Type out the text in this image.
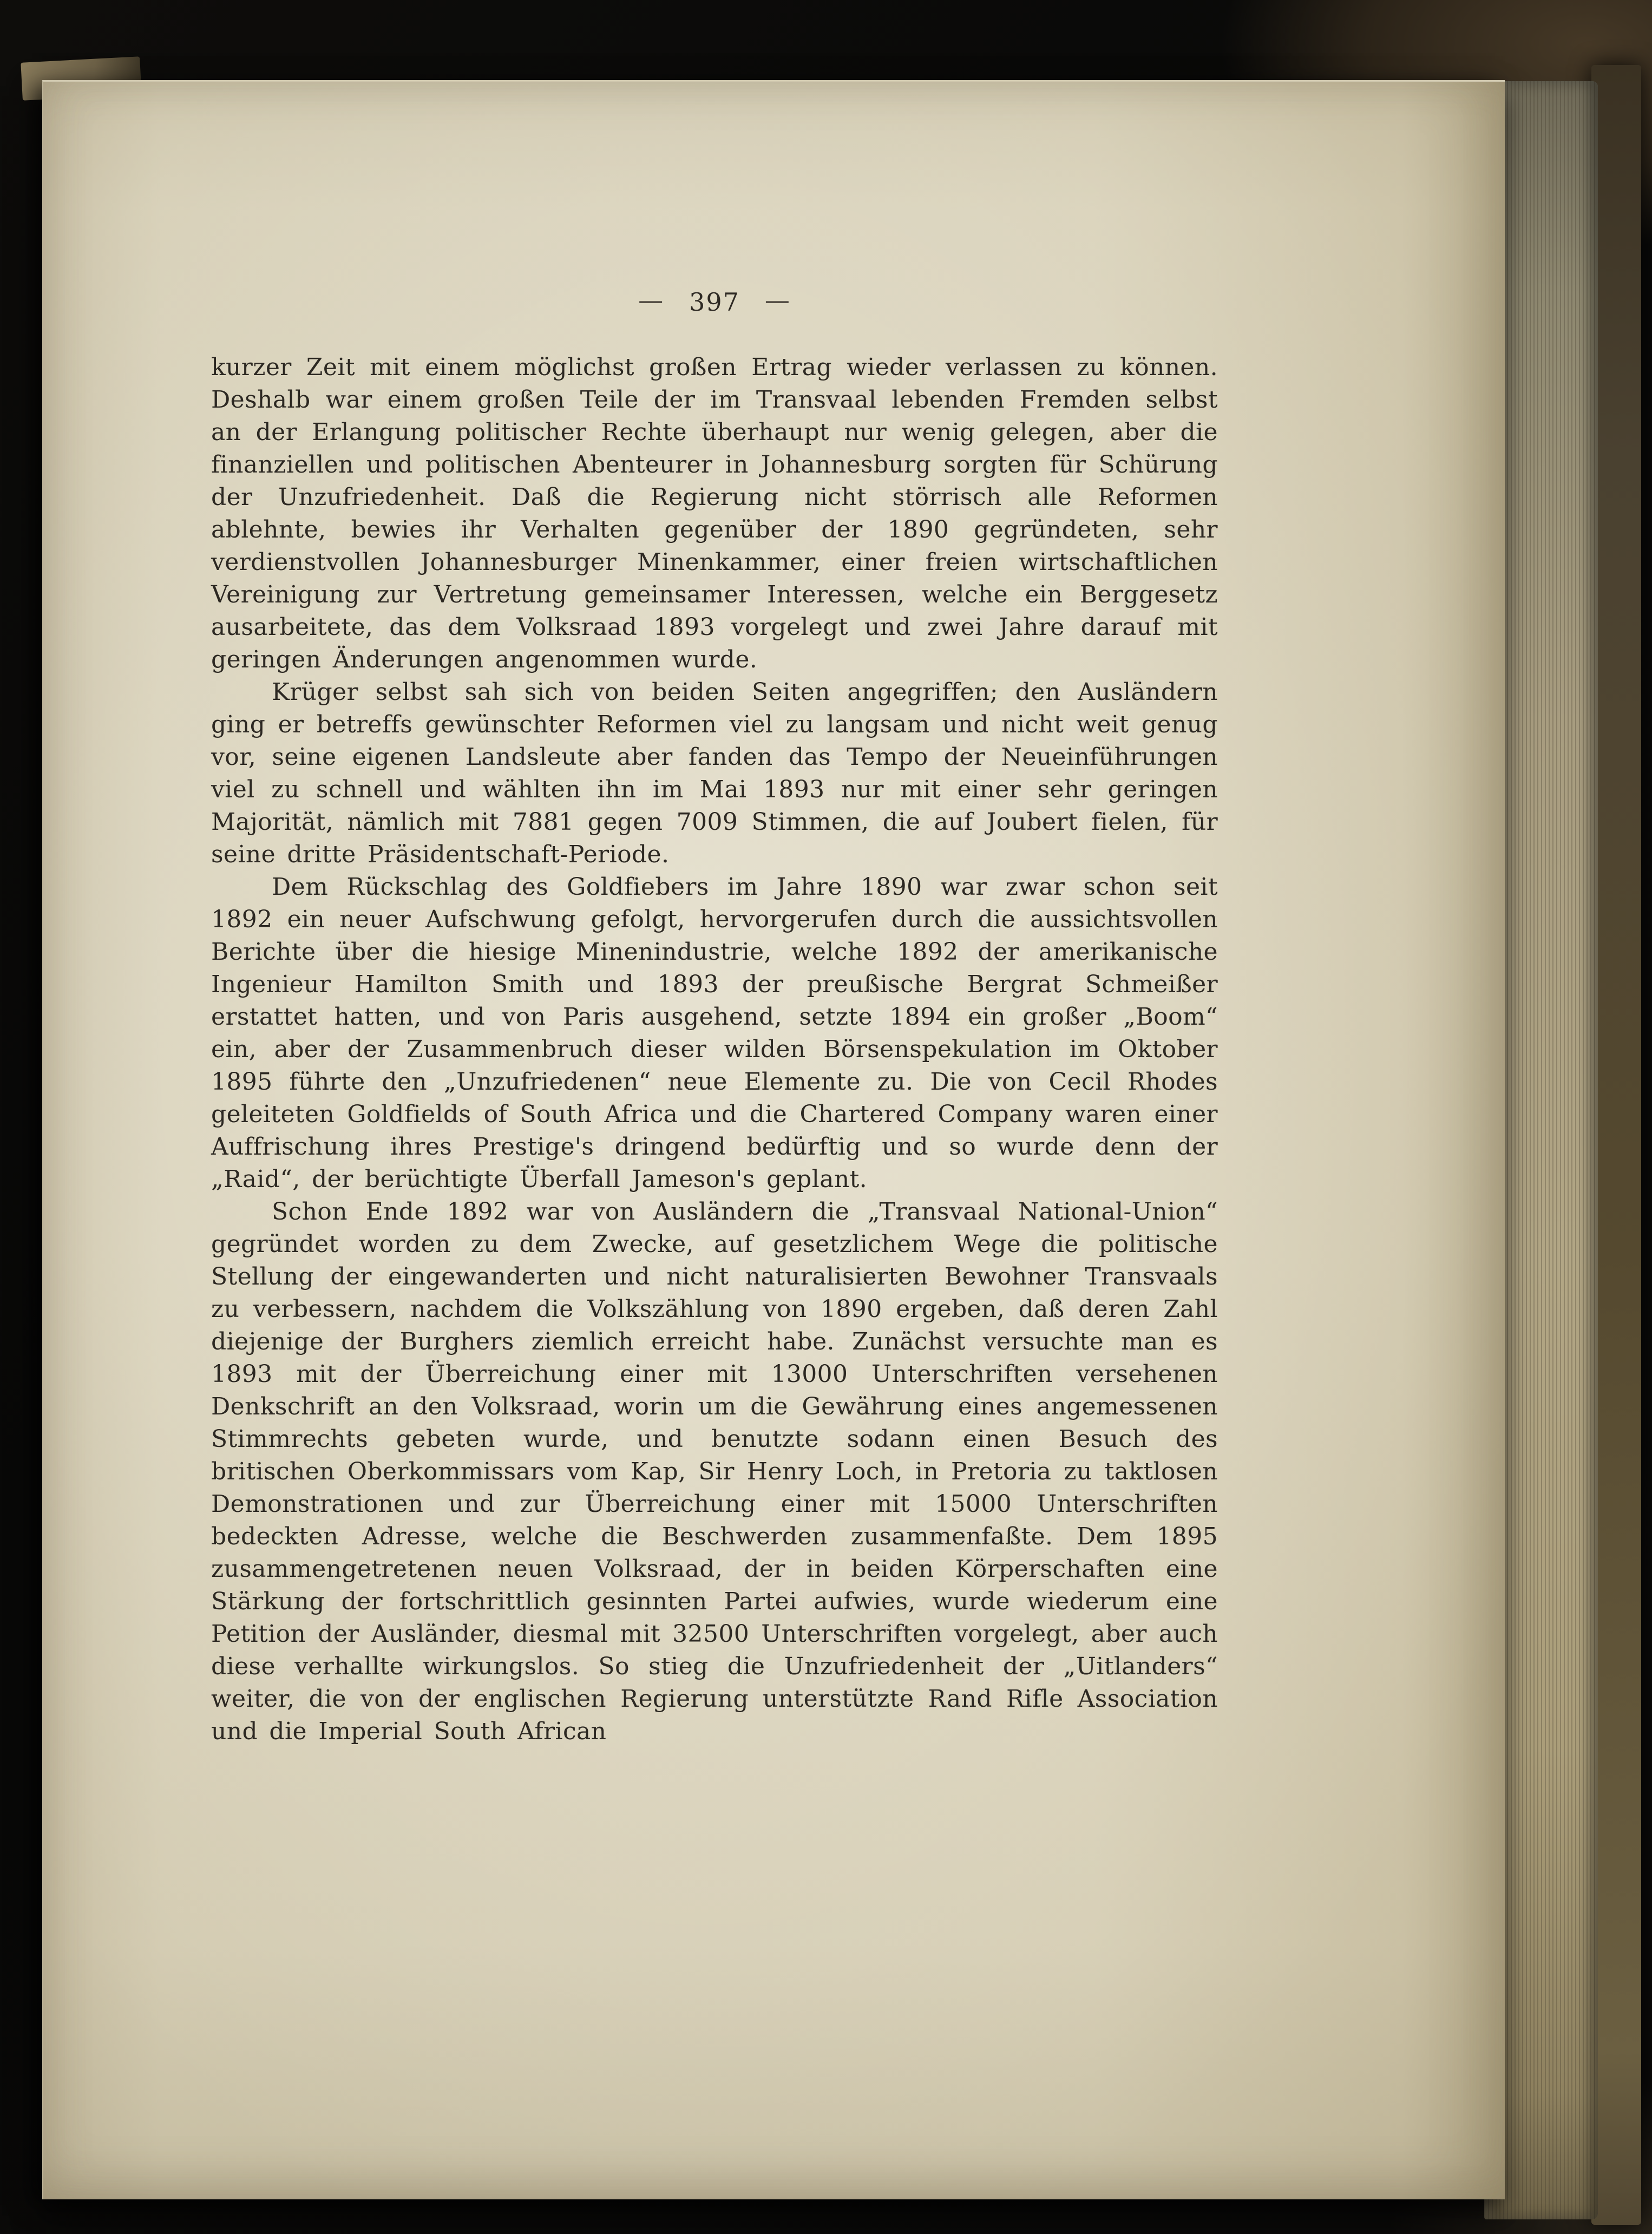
— 397 —

kurzer Zeit mit einem möglichst großen Ertrag wieder verlassen zu können. Deshalb war einem großen Teile der im Transvaal lebenden Fremden selbst an der Erlangung politischer Rechte überhaupt nur wenig gelegen, aber die finanziellen und politischen Abenteurer in Johannesburg sorgten für Schürung der Unzufriedenheit. Daß die Regierung nicht störrisch alle Reformen ablehnte, bewies ihr Verhalten gegenüber der 1890 gegründeten, sehr verdienstvollen Johannesburger Minenkammer, einer freien wirtschaftlichen Vereinigung zur Vertretung gemeinsamer Interessen, welche ein Berggesetz ausarbeitete, das dem Volksraad 1893 vorgelegt und zwei Jahre darauf mit geringen Änderungen angenommen wurde.

Krüger selbst sah sich von beiden Seiten angegriffen; den Ausländern ging er betreffs gewünschter Reformen viel zu langsam und nicht weit genug vor, seine eigenen Landsleute aber fanden das Tempo der Neueinführungen viel zu schnell und wählten ihn im Mai 1893 nur mit einer sehr geringen Majorität, nämlich mit 7881 gegen 7009 Stimmen, die auf Joubert fielen, für seine dritte Präsidentschaft-Periode.

Dem Rückschlag des Goldfiebers im Jahre 1890 war zwar schon seit 1892 ein neuer Aufschwung gefolgt, hervorgerufen durch die aussichtsvollen Berichte über die hiesige Minenindustrie, welche 1892 der amerikanische Ingenieur Hamilton Smith und 1893 der preußische Bergrat Schmeißer erstattet hatten, und von Paris ausgehend, setzte 1894 ein großer „Boom“ ein, aber der Zusammenbruch dieser wilden Börsenspekulation im Oktober 1895 führte den „Unzufriedenen“ neue Elemente zu. Die von Cecil Rhodes geleiteten Goldfields of South Africa und die Chartered Company waren einer Auffrischung ihres Prestige's dringend bedürftig und so wurde denn der „Raid“, der berüchtigte Überfall Jameson's geplant.

Schon Ende 1892 war von Ausländern die „Transvaal National-Union“ gegründet worden zu dem Zwecke, auf gesetzlichem Wege die politische Stellung der eingewanderten und nicht naturalisierten Bewohner Transvaals zu verbessern, nachdem die Volkszählung von 1890 ergeben, daß deren Zahl diejenige der Burghers ziemlich erreicht habe. Zunächst versuchte man es 1893 mit der Überreichung einer mit 13000 Unterschriften versehenen Denkschrift an den Volksraad, worin um die Gewährung eines angemessenen Stimmrechts gebeten wurde, und benutzte sodann einen Besuch des britischen Oberkommissars vom Kap, Sir Henry Loch, in Pretoria zu taktlosen Demonstrationen und zur Überreichung einer mit 15000 Unterschriften bedeckten Adresse, welche die Beschwerden zusammenfaßte. Dem 1895 zusammengetretenen neuen Volksraad, der in beiden Körperschaften eine Stärkung der fortschrittlich gesinnten Partei aufwies, wurde wiederum eine Petition der Ausländer, diesmal mit 32500 Unterschriften vorgelegt, aber auch diese verhallte wirkungslos. So stieg die Unzufriedenheit der „Uitlanders“ weiter, die von der englischen Regierung unterstützte Rand Rifle Association und die Imperial South African
